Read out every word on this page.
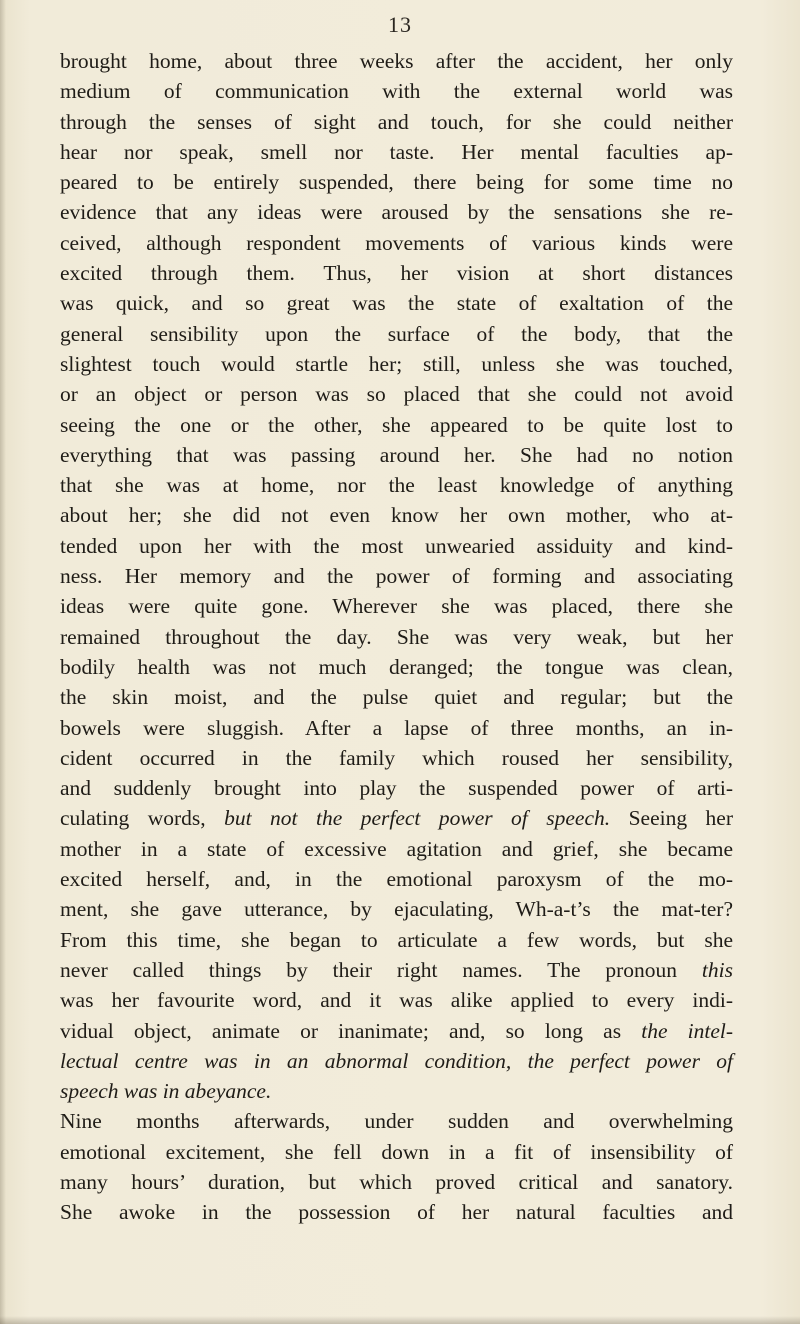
13
brought home, about three weeks after the accident, her only
medium of communication with the external world was
through the senses of sight and touch, for she could neither
hear nor speak, smell nor taste. Her mental faculties ap-
peared to be entirely suspended, there being for some time no
evidence that any ideas were aroused by the sensations she re-
ceived, although respondent movements of various kinds were
excited through them. Thus, her vision at short distances
was quick, and so great was the state of exaltation of the
general sensibility upon the surface of the body, that the
slightest touch would startle her; still, unless she was touched,
or an object or person was so placed that she could not avoid
seeing the one or the other, she appeared to be quite lost to
everything that was passing around her. She had no notion
that she was at home, nor the least knowledge of anything
about her; she did not even know her own mother, who at-
tended upon her with the most unwearied assiduity and kind-
ness. Her memory and the power of forming and associating
ideas were quite gone. Wherever she was placed, there she
remained throughout the day. She was very weak, but her
bodily health was not much deranged; the tongue was clean,
the skin moist, and the pulse quiet and regular; but the
bowels were sluggish. After a lapse of three months, an in-
cident occurred in the family which roused her sensibility,
and suddenly brought into play the suspended power of arti-
culating words, but not the perfect power of speech. Seeing her
mother in a state of excessive agitation and grief, she became
excited herself, and, in the emotional paroxysm of the mo-
ment, she gave utterance, by ejaculating, Wh-a-t’s the mat-ter?
From this time, she began to articulate a few words, but she
never called things by their right names. The pronoun this
was her favourite word, and it was alike applied to every indi-
vidual object, animate or inanimate; and, so long as the intel-
lectual centre was in an abnormal condition, the perfect power of
speech was in abeyance.
Nine months afterwards, under sudden and overwhelming
emotional excitement, she fell down in a fit of insensibility of
many hours’ duration, but which proved critical and sanatory.
She awoke in the possession of her natural faculties and
